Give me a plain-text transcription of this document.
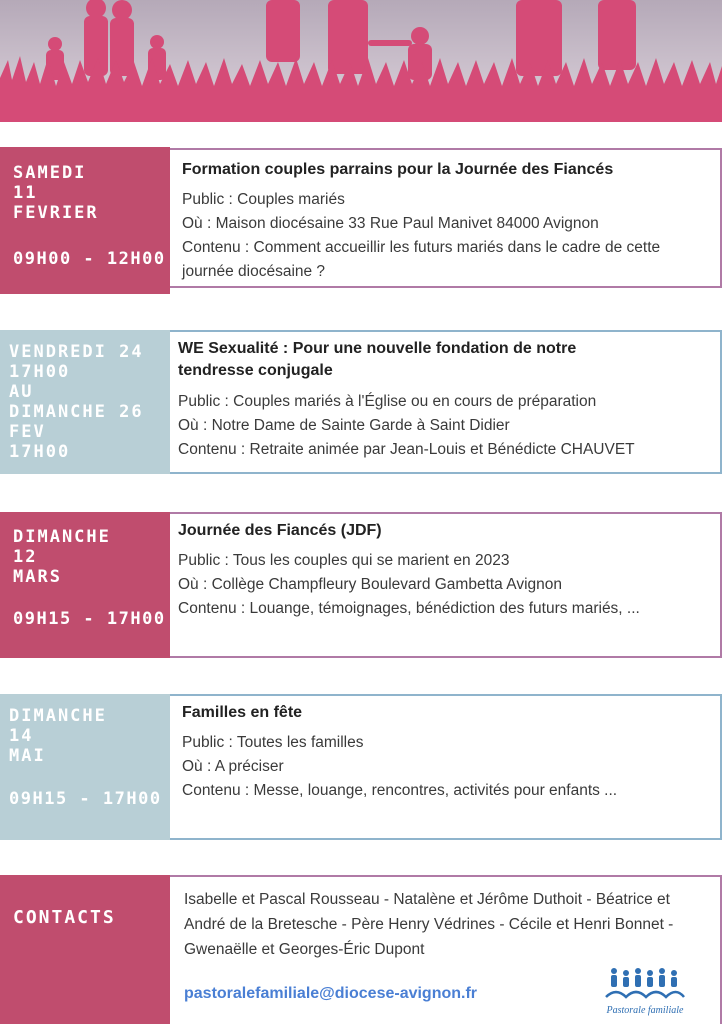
SAMEDI
11
FEVRIER
09H00 - 12H00
Formation couples parrains pour la Journée des Fiancés
Public : Couples mariés
Où : Maison diocésaine 33 Rue Paul Manivet 84000 Avignon
Contenu : Comment accueillir les futurs mariés dans le cadre de cette journée diocésaine ?
VENDREDI 24
17H00
AU
DIMANCHE 26
FEV
17H00
WE Sexualité : Pour une nouvelle fondation de notre tendresse conjugale
Public : Couples mariés à l'Église ou en cours de préparation
Où : Notre Dame de Sainte Garde à Saint Didier
Contenu : Retraite animée par Jean-Louis et Bénédicte CHAUVET
DIMANCHE
12
MARS
09H15 - 17H00
Journée des Fiancés (JDF)
Public : Tous les couples qui se marient en 2023
Où : Collège Champfleury Boulevard Gambetta Avignon
Contenu : Louange, témoignages, bénédiction des futurs mariés, ...
DIMANCHE
14
MAI
09H15 - 17H00
Familles en fête
Public : Toutes les familles
Où : A préciser
Contenu : Messe, louange, rencontres, activités pour enfants ...
CONTACTS
Isabelle et Pascal Rousseau - Natalène et Jérôme Duthoit - Béatrice et André de la Bretesche - Père Henry Védrines - Cécile et Henri Bonnet - Gwenaëlle et Georges-Éric Dupont
pastoralefamiliale@diocese-avignon.fr
Pastorale familiale
